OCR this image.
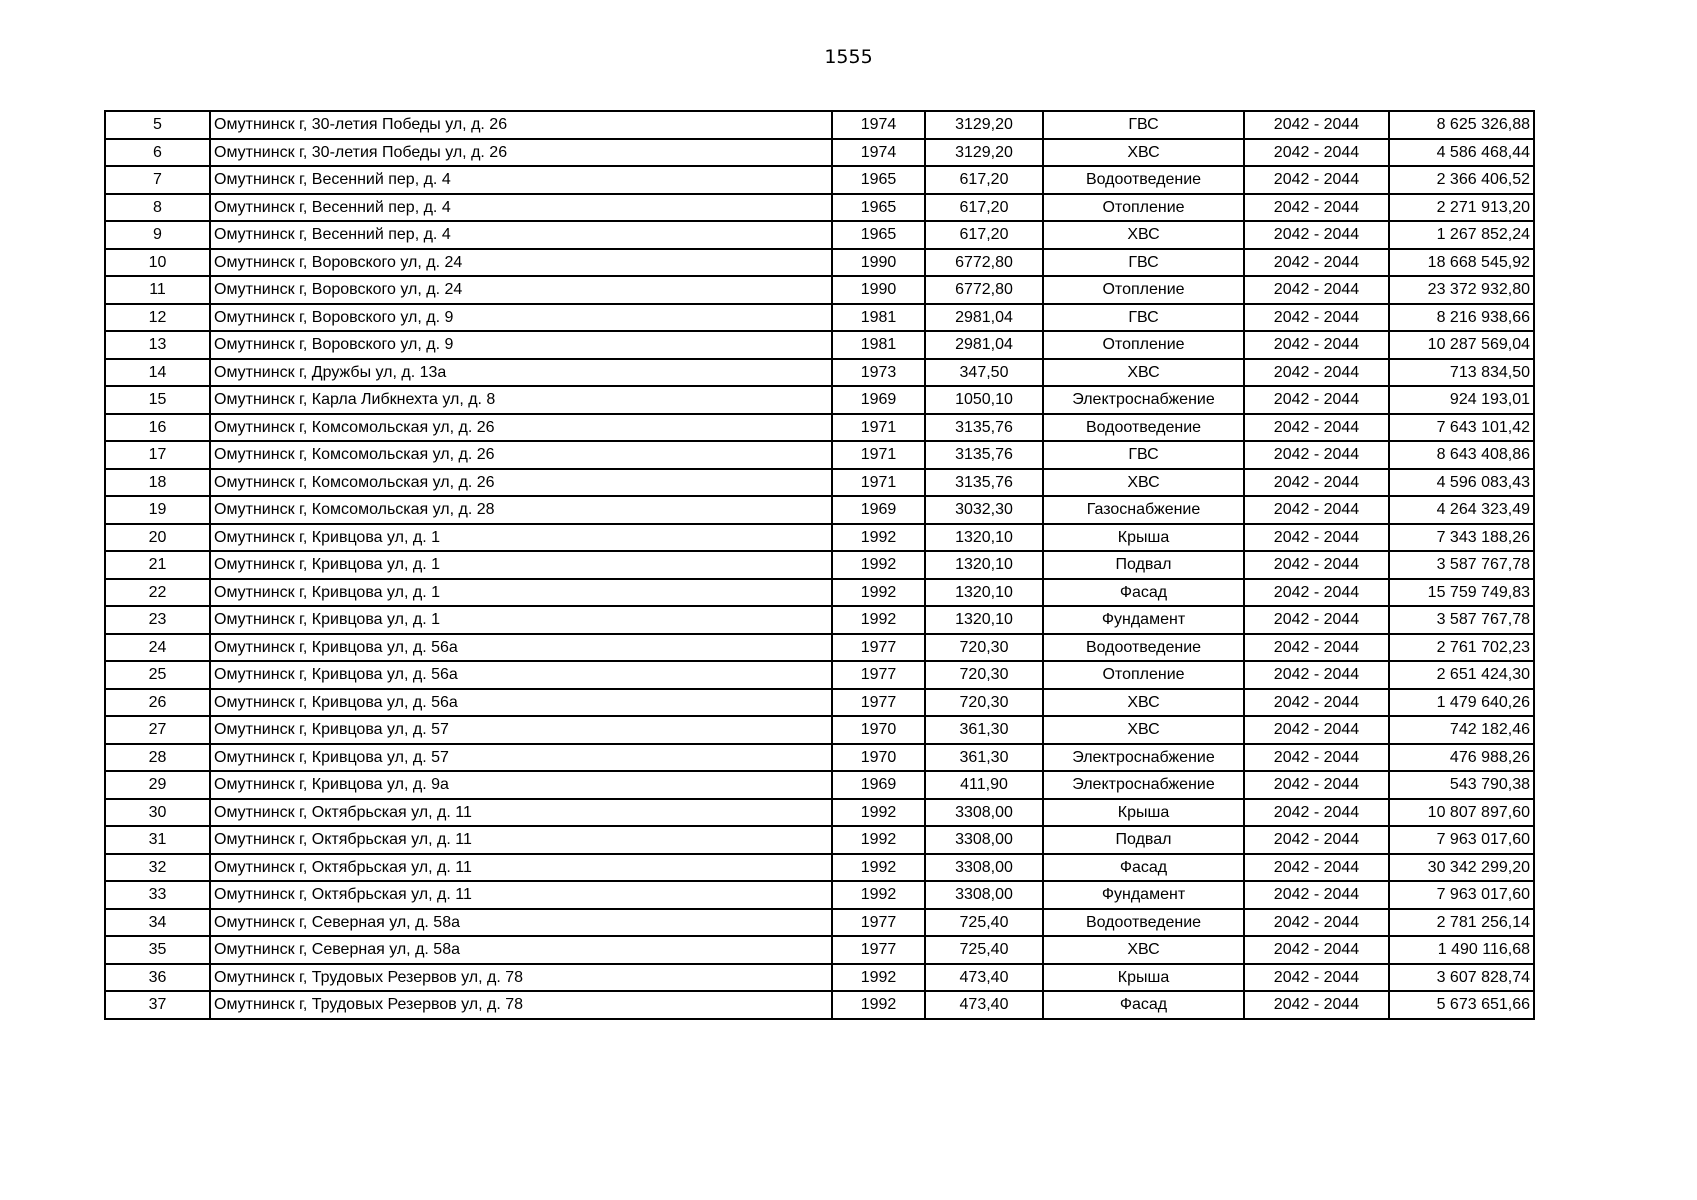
1555
5	Омутнинск г, 30-летия Победы ул, д. 26	1974	3129,20	ГВС	2042 - 2044	8 625 326,88
6	Омутнинск г, 30-летия Победы ул, д. 26	1974	3129,20	ХВС	2042 - 2044	4 586 468,44
7	Омутнинск г, Весенний пер, д. 4	1965	617,20	Водоотведение	2042 - 2044	2 366 406,52
8	Омутнинск г, Весенний пер, д. 4	1965	617,20	Отопление	2042 - 2044	2 271 913,20
9	Омутнинск г, Весенний пер, д. 4	1965	617,20	ХВС	2042 - 2044	1 267 852,24
10	Омутнинск г, Воровского ул, д. 24	1990	6772,80	ГВС	2042 - 2044	18 668 545,92
11	Омутнинск г, Воровского ул, д. 24	1990	6772,80	Отопление	2042 - 2044	23 372 932,80
12	Омутнинск г, Воровского ул, д. 9	1981	2981,04	ГВС	2042 - 2044	8 216 938,66
13	Омутнинск г, Воровского ул, д. 9	1981	2981,04	Отопление	2042 - 2044	10 287 569,04
14	Омутнинск г, Дружбы ул, д. 13а	1973	347,50	ХВС	2042 - 2044	713 834,50
15	Омутнинск г, Карла Либкнехта ул, д. 8	1969	1050,10	Электроснабжение	2042 - 2044	924 193,01
16	Омутнинск г, Комсомольская ул, д. 26	1971	3135,76	Водоотведение	2042 - 2044	7 643 101,42
17	Омутнинск г, Комсомольская ул, д. 26	1971	3135,76	ГВС	2042 - 2044	8 643 408,86
18	Омутнинск г, Комсомольская ул, д. 26	1971	3135,76	ХВС	2042 - 2044	4 596 083,43
19	Омутнинск г, Комсомольская ул, д. 28	1969	3032,30	Газоснабжение	2042 - 2044	4 264 323,49
20	Омутнинск г, Кривцова ул, д. 1	1992	1320,10	Крыша	2042 - 2044	7 343 188,26
21	Омутнинск г, Кривцова ул, д. 1	1992	1320,10	Подвал	2042 - 2044	3 587 767,78
22	Омутнинск г, Кривцова ул, д. 1	1992	1320,10	Фасад	2042 - 2044	15 759 749,83
23	Омутнинск г, Кривцова ул, д. 1	1992	1320,10	Фундамент	2042 - 2044	3 587 767,78
24	Омутнинск г, Кривцова ул, д. 56а	1977	720,30	Водоотведение	2042 - 2044	2 761 702,23
25	Омутнинск г, Кривцова ул, д. 56а	1977	720,30	Отопление	2042 - 2044	2 651 424,30
26	Омутнинск г, Кривцова ул, д. 56а	1977	720,30	ХВС	2042 - 2044	1 479 640,26
27	Омутнинск г, Кривцова ул, д. 57	1970	361,30	ХВС	2042 - 2044	742 182,46
28	Омутнинск г, Кривцова ул, д. 57	1970	361,30	Электроснабжение	2042 - 2044	476 988,26
29	Омутнинск г, Кривцова ул, д. 9а	1969	411,90	Электроснабжение	2042 - 2044	543 790,38
30	Омутнинск г, Октябрьская ул, д. 11	1992	3308,00	Крыша	2042 - 2044	10 807 897,60
31	Омутнинск г, Октябрьская ул, д. 11	1992	3308,00	Подвал	2042 - 2044	7 963 017,60
32	Омутнинск г, Октябрьская ул, д. 11	1992	3308,00	Фасад	2042 - 2044	30 342 299,20
33	Омутнинск г, Октябрьская ул, д. 11	1992	3308,00	Фундамент	2042 - 2044	7 963 017,60
34	Омутнинск г, Северная ул, д. 58а	1977	725,40	Водоотведение	2042 - 2044	2 781 256,14
35	Омутнинск г, Северная ул, д. 58а	1977	725,40	ХВС	2042 - 2044	1 490 116,68
36	Омутнинск г, Трудовых Резервов ул, д. 78	1992	473,40	Крыша	2042 - 2044	3 607 828,74
37	Омутнинск г, Трудовых Резервов ул, д. 78	1992	473,40	Фасад	2042 - 2044	5 673 651,66
